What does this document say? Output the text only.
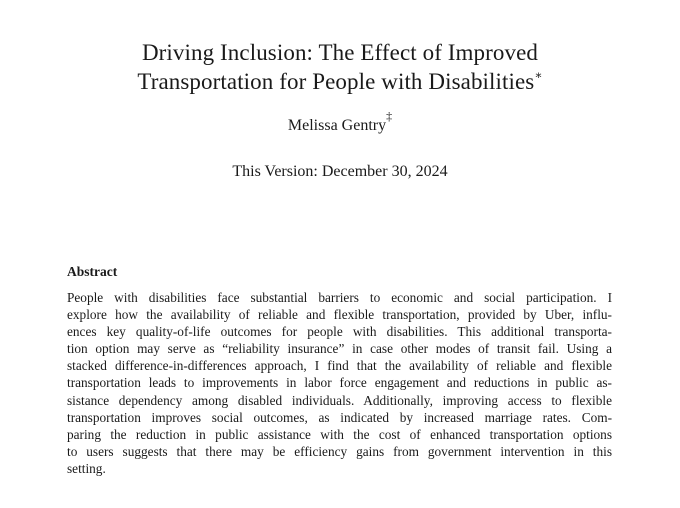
Driving Inclusion: The Effect of Improved
Transportation for People with Disabilities∗
Melissa Gentry‡
This Version: December 30, 2024
Abstract
People with disabilities face substantial barriers to economic and social participation. I
explore how the availability of reliable and flexible transportation, provided by Uber, influ-
ences key quality-of-life outcomes for people with disabilities. This additional transporta-
tion option may serve as “reliability insurance” in case other modes of transit fail. Using a
stacked difference-in-differences approach, I find that the availability of reliable and flexible
transportation leads to improvements in labor force engagement and reductions in public as-
sistance dependency among disabled individuals. Additionally, improving access to flexible
transportation improves social outcomes, as indicated by increased marriage rates. Com-
paring the reduction in public assistance with the cost of enhanced transportation options
to users suggests that there may be efficiency gains from government intervention in this
setting.
